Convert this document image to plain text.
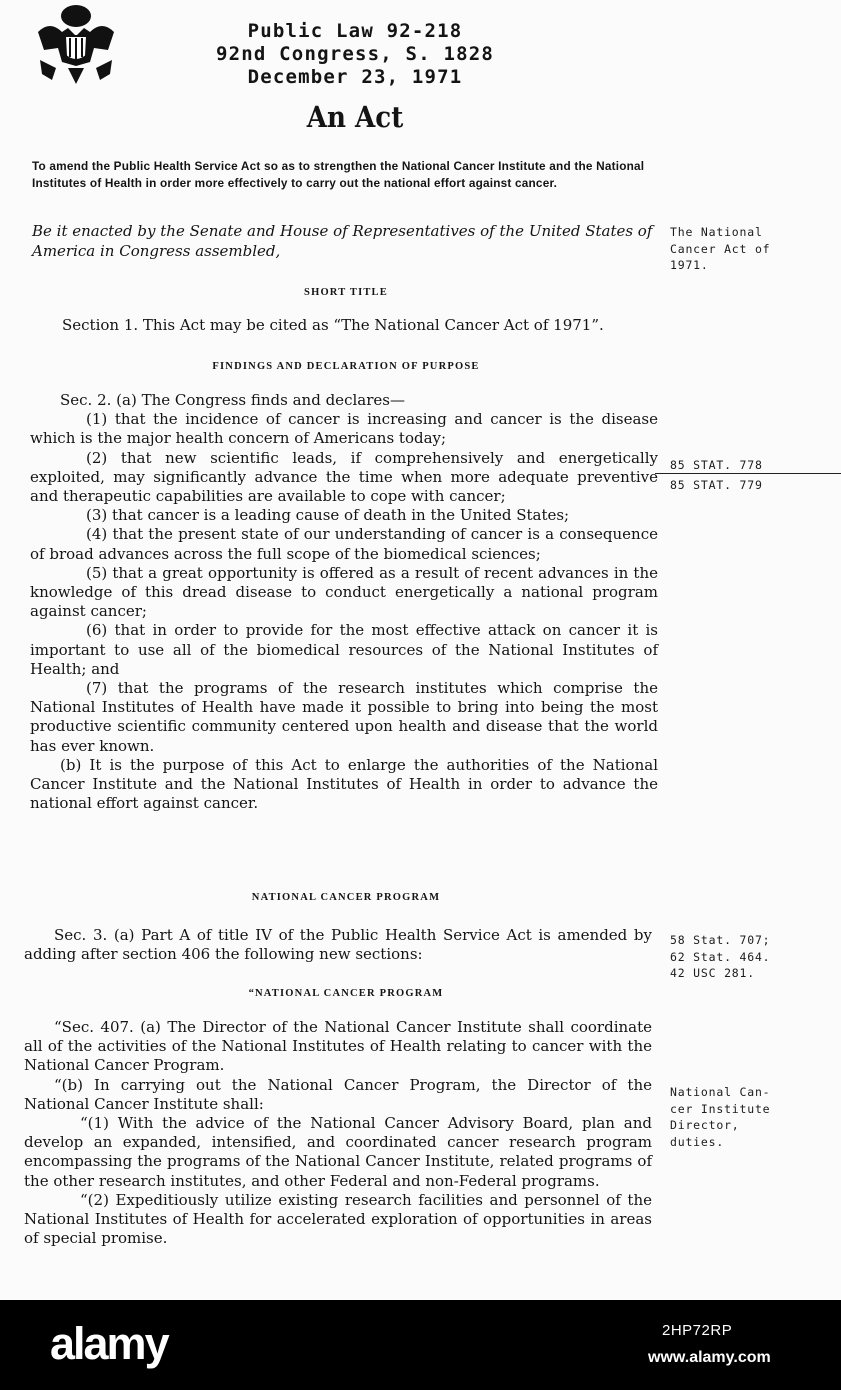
Public Law 92-218
92nd Congress, S. 1828
December 23, 1971
An Act
To amend the Public Health Service Act so as to strengthen the National Cancer Institute and the National Institutes of Health in order more effectively to carry out the national effort against cancer.
Be it enacted by the Senate and House of Representatives of the United States of America in Congress assembled,
The National
Cancer Act of
1971.
SHORT TITLE
Section 1. This Act may be cited as “The National Cancer Act of 1971”.
FINDINGS AND DECLARATION OF PURPOSE
Sec. 2. (a) The Congress finds and declares—
(1) that the incidence of cancer is increasing and cancer is the disease which is the major health concern of Americans today;
(2) that new scientific leads, if comprehensively and energetically exploited, may significantly advance the time when more adequate preventive and therapeutic capabilities are available to cope with cancer;
(3) that cancer is a leading cause of death in the United States;
(4) that the present state of our understanding of cancer is a consequence of broad advances across the full scope of the biomedical sciences;
(5) that a great opportunity is offered as a result of recent advances in the knowledge of this dread disease to conduct energetically a national program against cancer;
(6) that in order to provide for the most effective attack on cancer it is important to use all of the biomedical resources of the National Institutes of Health; and
(7) that the programs of the research institutes which comprise the National Institutes of Health have made it possible to bring into being the most productive scientific community centered upon health and disease that the world has ever known.
(b) It is the purpose of this Act to enlarge the authorities of the National Cancer Institute and the National Institutes of Health in order to advance the national effort against cancer.
85 STAT. 778
85 STAT. 779
NATIONAL CANCER PROGRAM
Sec. 3. (a) Part A of title IV of the Public Health Service Act is amended by adding after section 406 the following new sections:
58 Stat. 707;
62 Stat. 464.
42 USC 281.
“NATIONAL CANCER PROGRAM
“Sec. 407. (a) The Director of the National Cancer Institute shall coordinate all of the activities of the National Institutes of Health relating to cancer with the National Cancer Program.
“(b) In carrying out the National Cancer Program, the Director of the National Cancer Institute shall:
“(1) With the advice of the National Cancer Advisory Board, plan and develop an expanded, intensified, and coordinated cancer research program encompassing the programs of the National Cancer Institute, related programs of the other research institutes, and other Federal and non-Federal programs.
“(2) Expeditiously utilize existing research facilities and personnel of the National Institutes of Health for accelerated exploration of opportunities in areas of special promise.
National Can-
cer Institute
Director,
duties.
alamy	2HP72RP
www.alamy.com
